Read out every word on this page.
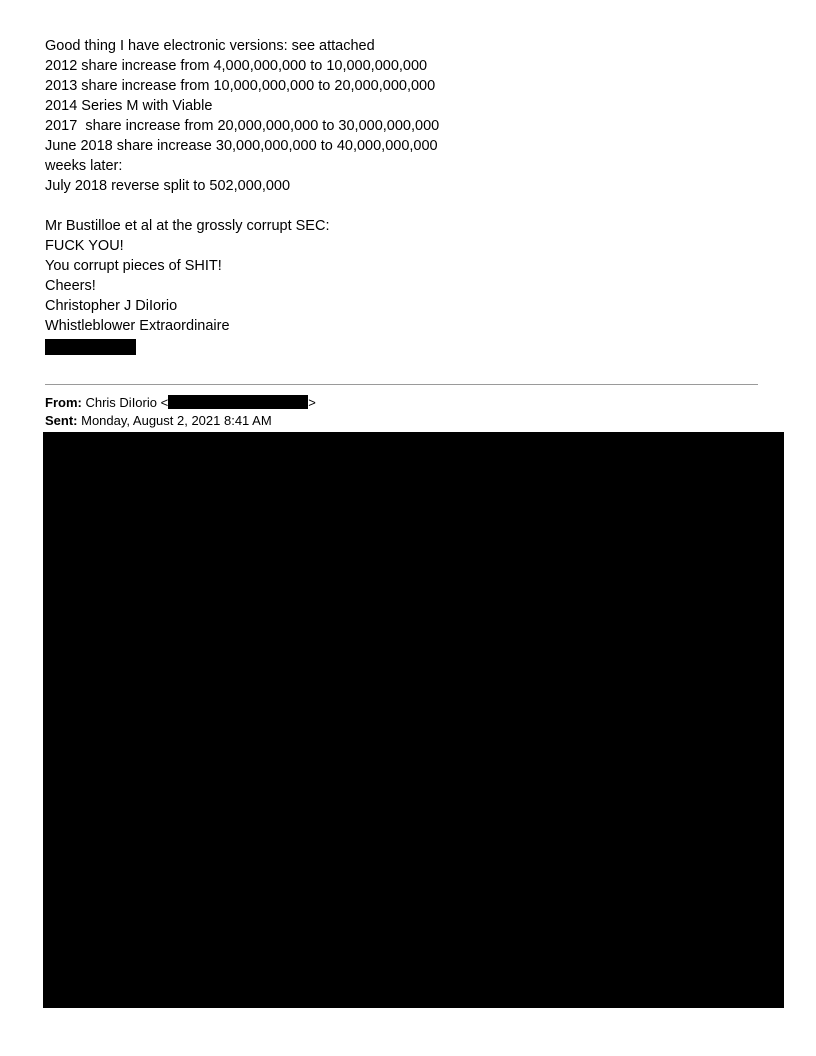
Good thing I have electronic versions: see attached
2012 share increase from 4,000,000,000 to 10,000,000,000
2013 share increase from 10,000,000,000 to 20,000,000,000
2014 Series M with Viable
2017  share increase from 20,000,000,000 to 30,000,000,000
June 2018 share increase 30,000,000,000 to 40,000,000,000
weeks later:
July 2018 reverse split to 502,000,000
Mr Bustilloe et al at the grossly corrupt SEC:
FUCK YOU!
You corrupt pieces of SHIT!
Cheers!
Christopher J DiIorio
Whistleblower Extraordinaire
From: Chris DiIorio <	>
Sent: Monday, August 2, 2021 8:41 AM
